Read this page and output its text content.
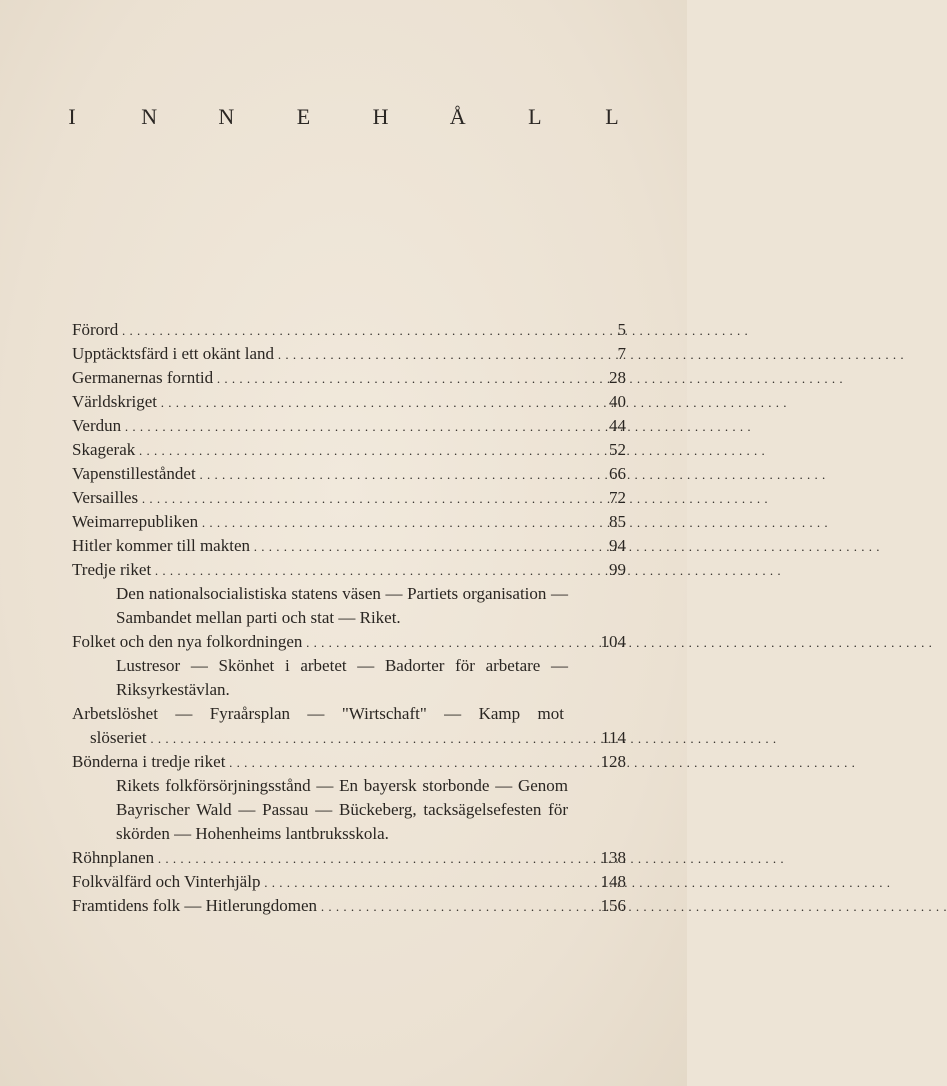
I	N	N	E	H	Å	L	L
Förord . . .	5
Upptäcktsfärd i ett okänt land . . .	7
Germanernas forntid . . .	28
Världskriget . . .	40
Verdun . . .	44
Skagerak . . .	52
Vapenstilleståndet . . .	66
Versailles . . .	72
Weimarrepubliken . . .	85
Hitler kommer till makten . . .	94
Tredje riket . . .	99
Den nationalsocialistiska statens väsen — Partiets organisation — Sambandet mellan parti och stat — Riket.
Folket och den nya folkordningen . . .	104
Lustresor — Skönhet i arbetet — Badorter för arbetare — Riksyrkestävlan.
Arbetslöshet — Fyraårsplan — "Wirtschaft" — Kamp mot
slöseriet . . .	114
Bönderna i tredje riket . . .	128
Rikets folkförsörjningsstånd — En bayersk storbonde — Genom Bayrischer Wald — Passau — Bückeberg, tacksägelsefesten för skörden — Hohenheims lantbruksskola.
Röhnplanen . . .	138
Folkvälfärd och Vinterhjälp . . .	148
Framtidens folk — Hitlerungdomen . . .	156
